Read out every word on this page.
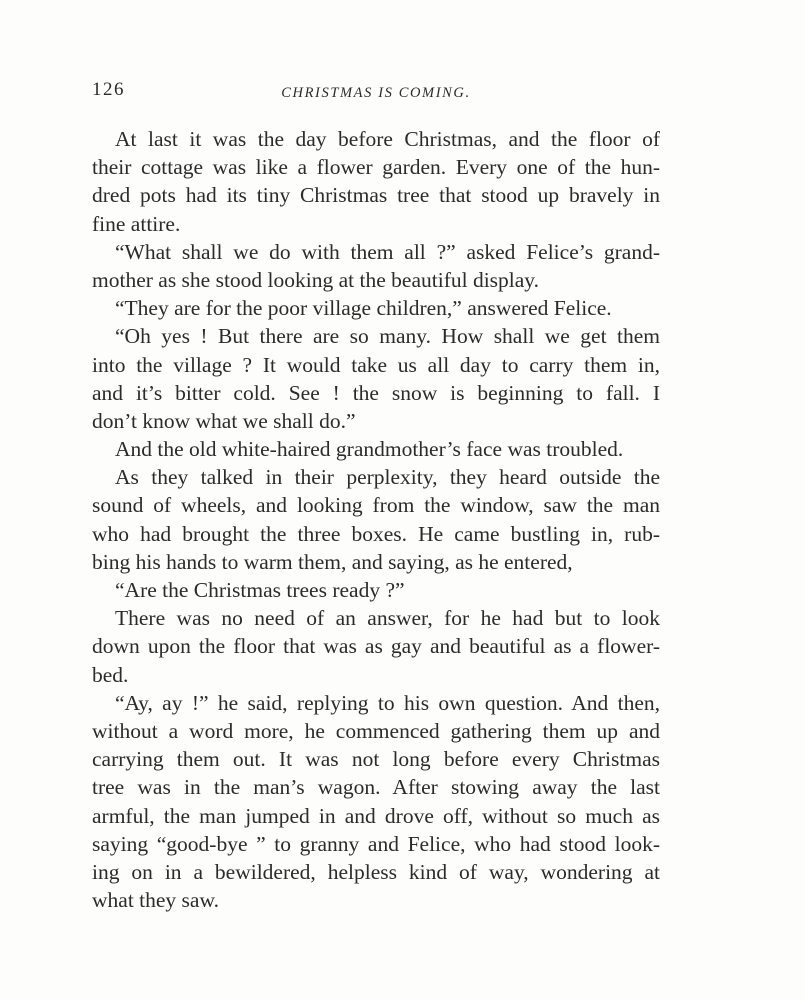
126	CHRISTMAS IS COMING.
At last it was the day before Christmas, and the floor of
their cottage was like a flower garden. Every one of the hun-
dred pots had its tiny Christmas tree that stood up bravely in
fine attire.
“What shall we do with them all ?” asked Felice’s grand-
mother as she stood looking at the beautiful display.
“They are for the poor village children,” answered Felice.
“Oh yes ! But there are so many. How shall we get them
into the village ? It would take us all day to carry them in,
and it’s bitter cold. See ! the snow is beginning to fall. I
don’t know what we shall do.”
And the old white-haired grandmother’s face was troubled.
As they talked in their perplexity, they heard outside the
sound of wheels, and looking from the window, saw the man
who had brought the three boxes. He came bustling in, rub-
bing his hands to warm them, and saying, as he entered,
“Are the Christmas trees ready ?”
There was no need of an answer, for he had but to look
down upon the floor that was as gay and beautiful as a flower-
bed.
“Ay, ay !” he said, replying to his own question. And then,
without a word more, he commenced gathering them up and
carrying them out. It was not long before every Christmas
tree was in the man’s wagon. After stowing away the last
armful, the man jumped in and drove off, without so much as
saying “good-bye ” to granny and Felice, who had stood look-
ing on in a bewildered, helpless kind of way, wondering at
what they saw.
